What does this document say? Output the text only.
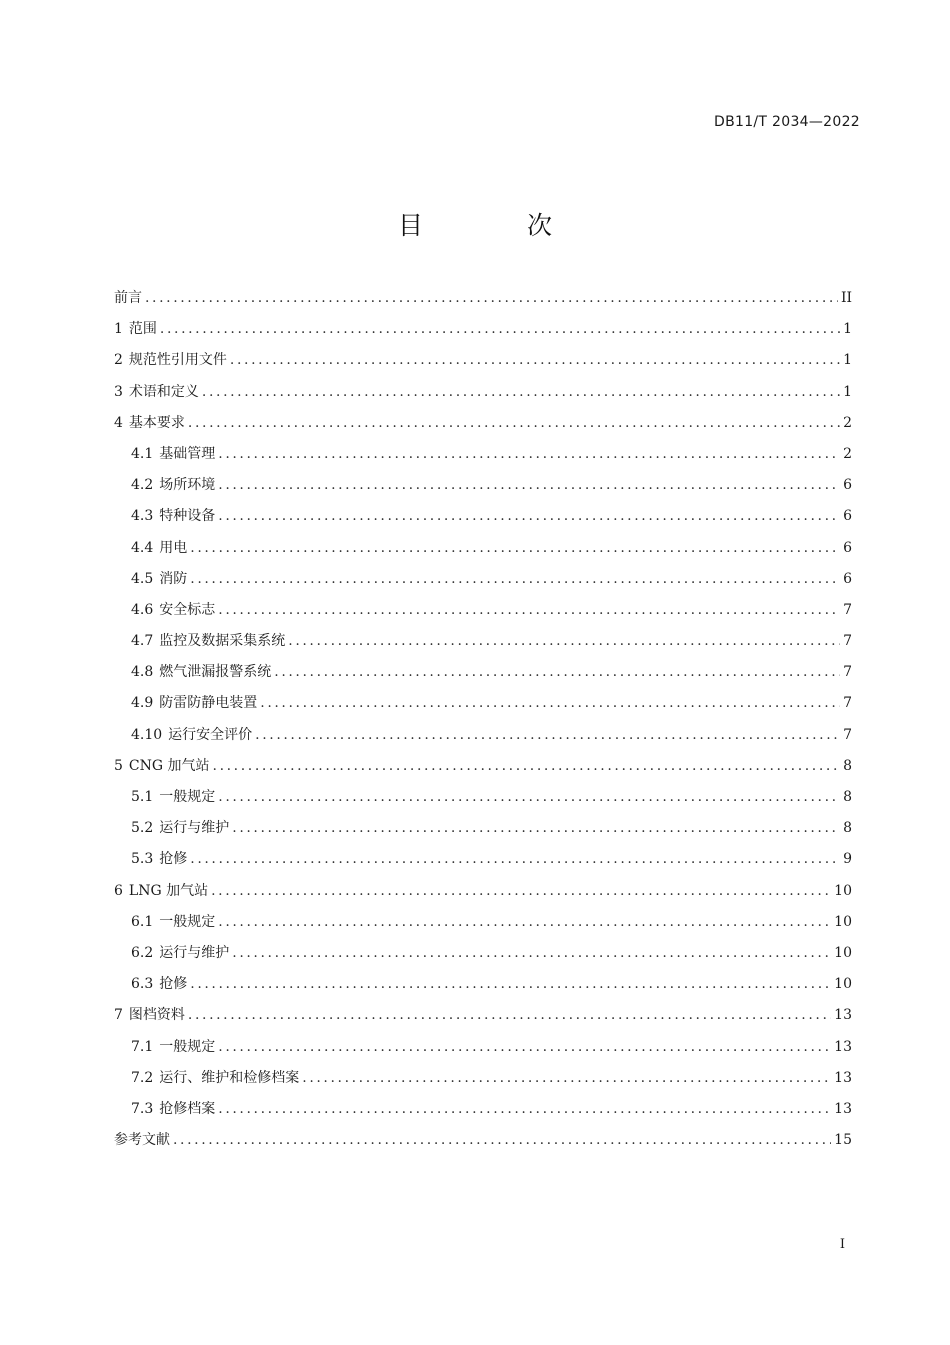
DB11/T 2034—2022
目 次
前言 .....	II
1 范围 .....	1
2 规范性引用文件 .....	1
3 术语和定义 .....	1
4 基本要求 .....	2
4.1 基础管理 .....	2
4.2 场所环境 .....	6
4.3 特种设备 .....	6
4.4 用电 .....	6
4.5 消防 .....	6
4.6 安全标志 .....	7
4.7 监控及数据采集系统 .....	7
4.8 燃气泄漏报警系统 .....	7
4.9 防雷防静电装置 .....	7
4.10 运行安全评价 .....	7
5 CNG 加气站 .....	8
5.1 一般规定 .....	8
5.2 运行与维护 .....	8
5.3 抢修 .....	9
6 LNG 加气站 .....	10
6.1 一般规定 .....	10
6.2 运行与维护 .....	10
6.3 抢修 .....	10
7 图档资料 .....	13
7.1 一般规定 .....	13
7.2 运行、维护和检修档案 .....	13
7.3 抢修档案 .....	13
参考文献 .....	15
I
